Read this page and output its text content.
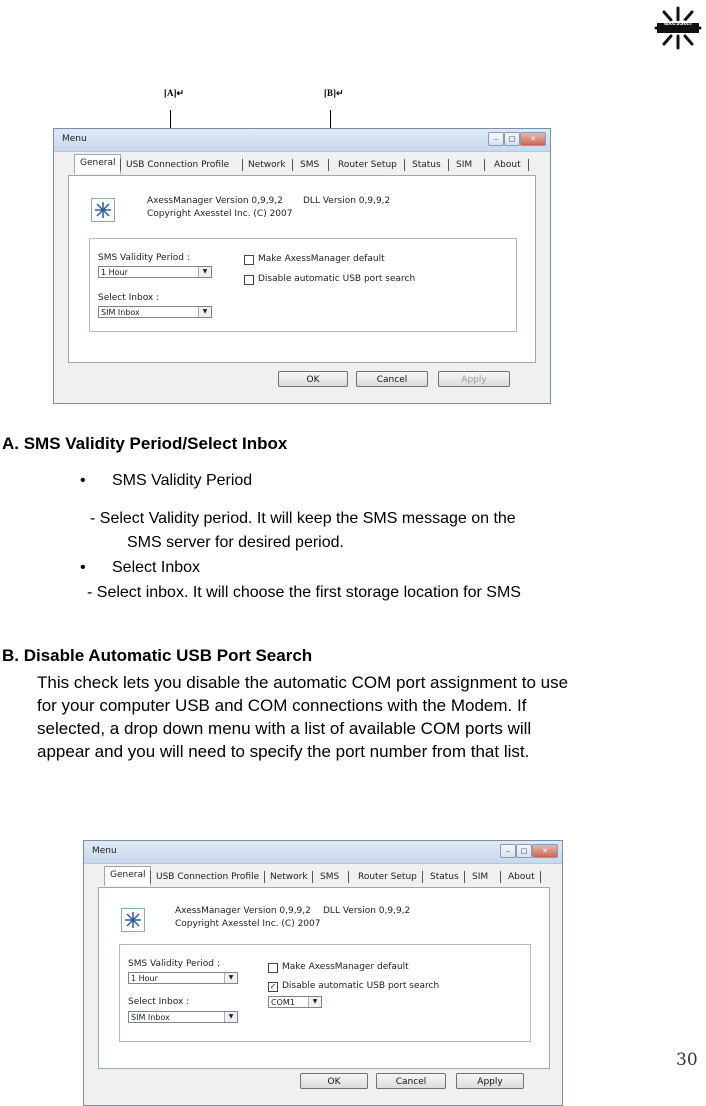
axesstel
[A]↵	[B]↵
Menu	–	□	✕
General	USB Connection Profile Network SMS Router Setup Status SIM About
AxessManager Version 0,9,9,2 DLL Version 0,9,9,2
Copyright Axesstel Inc. (C) 2007
SMS Validity Period :
1 Hour	▼
Select Inbox :
SIM Inbox	▼
Make AxessManager default
Disable automatic USB port search
OK	Cancel	Apply
A. SMS Validity Period/Select Inbox
• SMS Validity Period
- Select Validity period. It will keep the SMS message on the
SMS server for desired period.
• Select Inbox
- Select inbox. It will choose the first storage location for SMS
B. Disable Automatic USB Port Search
This check lets you disable the automatic COM port assignment to use
for your computer USB and COM connections with the Modem. If
selected, a drop down menu with a list of available COM ports will
appear and you will need to specify the port number from that list.
Menu	–	□	✕
General	USB Connection Profile Network SMS Router Setup Status SIM About
AxessManager Version 0,9,9,2 DLL Version 0,9,9,2
Copyright Axesstel Inc. (C) 2007
SMS Validity Period :
1 Hour	▼
Select Inbox :
SIM Inbox	▼
Make AxessManager default
✓ Disable automatic USB port search
COM1	▼
OK	Cancel	Apply
30
